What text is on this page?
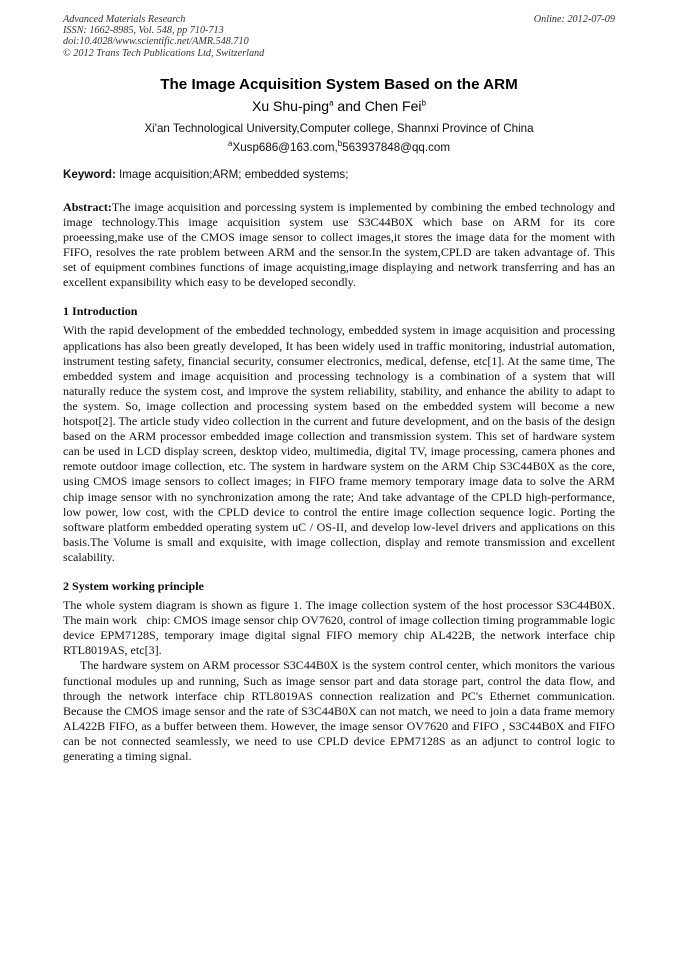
Advanced Materials Research
ISSN: 1662-8985, Vol. 548, pp 710-713
doi:10.4028/www.scientific.net/AMR.548.710
© 2012 Trans Tech Publications Ltd, Switzerland
Online: 2012-07-09
The Image Acquisition System Based on the ARM
Xu Shu-ping$^a$ and Chen Fei$^b$
Xi'an Technological University,Computer college, Shannxi Province of China
$^a$Xusp686@163.com,$^b$563937848@qq.com
Keyword: Image acquisition;ARM; embedded systems;
Abstract:The image acquisition and porcessing system is implemented by combining the embed technology and image technology.This image acquisition system use S3C44B0X which base on ARM for its core proeessing,make use of the CMOS image sensor to collect images,it stores the image data for the moment with FIFO, resolves the rate problem between ARM and the sensor.In the system,CPLD are taken advantage of. This set of equipment combines functions of image acquisting,image displaying and network transferring and has an excellent expansibility which easy to be developed secondly.
1 Introduction

With the rapid development of the embedded technology, embedded system in image acquisition and processing applications has also been greatly developed, It has been widely used in traffic monitoring, industrial automation, instrument testing safety, financial security, consumer electronics, medical, defense, etc[1]. At the same time, The embedded system and image acquisition and processing technology is a combination of a system that will naturally reduce the system cost, and improve the system reliability, stability, and enhance the ability to adapt to the system. So, image collection and processing system based on the embedded system will become a new hotspot[2]. The article study video collection in the current and future development, and on the basis of the design based on the ARM processor embedded image collection and transmission system. This set of hardware system can be used in LCD display screen, desktop video, multimedia, digital TV, image processing, camera phones and remote outdoor image collection, etc. The system in hardware system on the ARM Chip S3C44B0X as the core, using CMOS image sensors to collect images; in FIFO frame memory temporary image data to solve the ARM chip image sensor with no synchronization among the rate; And take advantage of the CPLD high-performance, low power, low cost, with the CPLD device to control the entire image collection sequence logic. Porting the software platform embedded operating system uC / OS-II, and develop low-level drivers and applications on this basis.The Volume is small and exquisite, with image collection, display and remote transmission and excellent scalability.

2 System working principle

The whole system diagram is shown as figure 1. The image collection system of the host processor S3C44B0X. The main work   chip: CMOS image sensor chip OV7620, control of image collection timing programmable logic device EPM7128S, temporary image digital signal FIFO memory chip AL422B, the network interface chip RTL8019AS, etc[3].

The hardware system on ARM processor S3C44B0X is the system control center, which monitors the various functional modules up and running, Such as image sensor part and data storage part, control the data flow, and through the network interface chip RTL8019AS connection realization and PC's Ethernet communication. Because the CMOS image sensor and the rate of S3C44B0X can not match, we need to join a data frame memory AL422B FIFO, as a buffer between them. However, the image sensor OV7620 and FIFO , S3C44B0X and FIFO can be not connected seamlessly, we need to use CPLD device EPM7128S as an adjunct to control logic to generating a timing signal.
